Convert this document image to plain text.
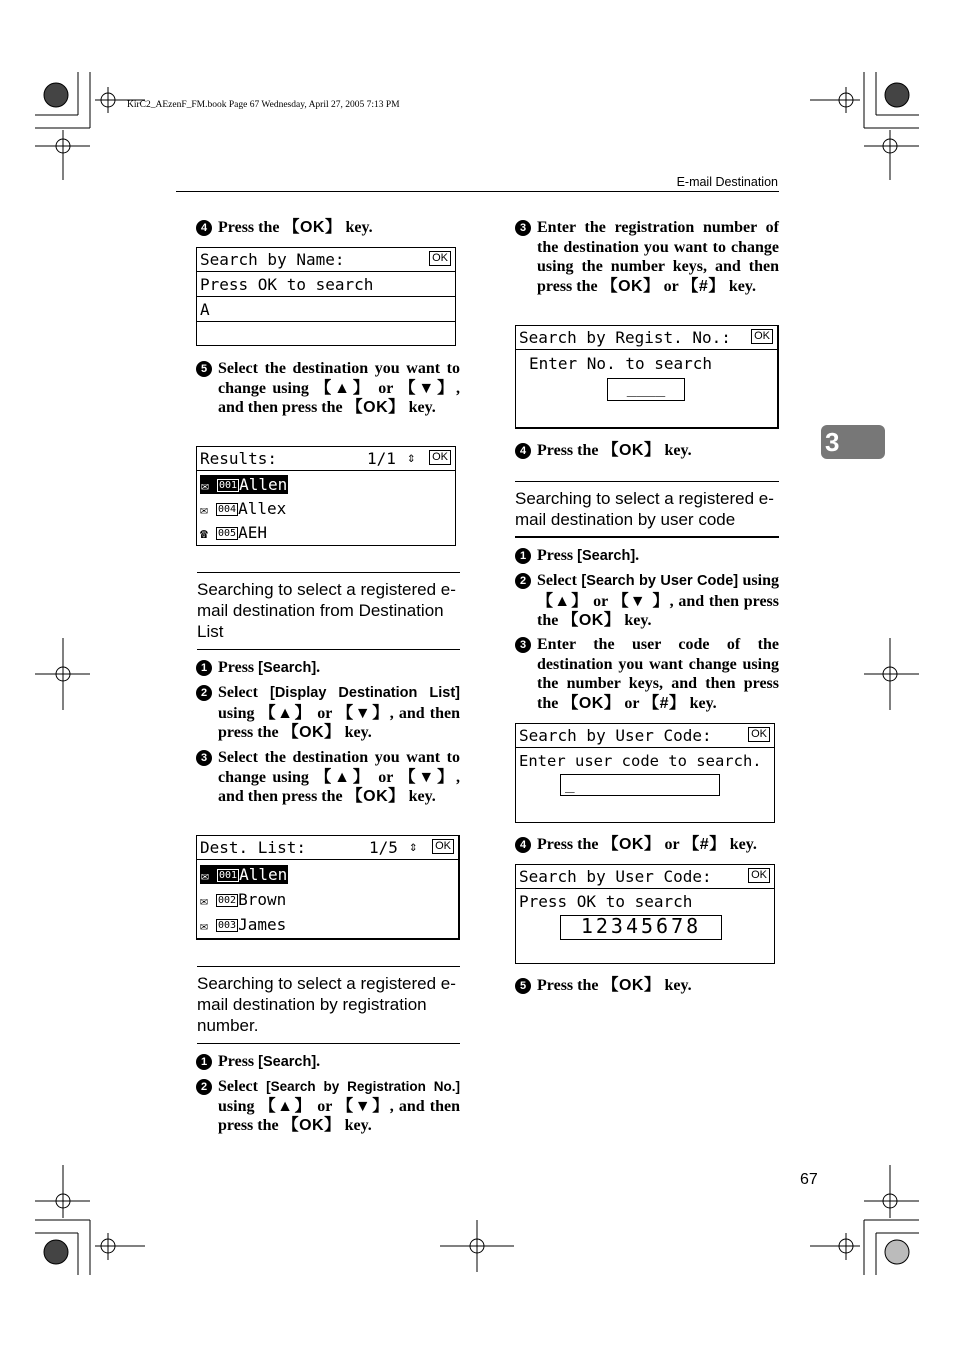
KirC2_AEzenF_FM.book Page 67 Wednesday, April 27, 2005 7:13 PM
E-mail Destination
3
67
4 Press the 【OK】 key.
Search by Name:	OK
Press OK to search
A
5 Select the destination you want to change using 【▲】 or 【▼】, and then press the 【OK】 key.
Results:	1/1 ⇕ OK
✉ 001 Allen
✉ 004 Allex
☎ 005 AEH
Searching to select a registered e-mail destination from Destination List
1 Press [Search].
2 Select [Display Destination List] using 【▲】 or 【▼】, and then press the 【OK】 key.
3 Select the destination you want to change using 【▲】 or 【▼】, and then press the 【OK】 key.
Dest. List:	1/5 ⇕ OK
✉ 001 Allen
✉ 002 Brown
✉ 003 James
Searching to select a registered e-mail destination by registration number.
1 Press [Search].
2 Select [Search by Registration No.] using 【▲】 or 【▼】, and then press the 【OK】 key.
3 Enter the registration number of the destination you want to change using the number keys, and then press the 【OK】 or 【#】 key.
Search by Regist. No.: OK
Enter No. to search
____
4 Press the 【OK】 key.
Searching to select a registered e-mail destination by user code
1 Press [Search].
2 Select [Search by User Code] using 【▲】 or 【▼ 】, and then press the 【OK】 key.
3 Enter the user code of the destination you want change using the number keys, and then press the 【OK】 or 【#】 key.
Search by User Code:	OK
Enter user code to search.
_
4 Press the 【OK】 or 【#】 key.
Search by User Code:	OK
Press OK to search
12345678
5 Press the 【OK】 key.
